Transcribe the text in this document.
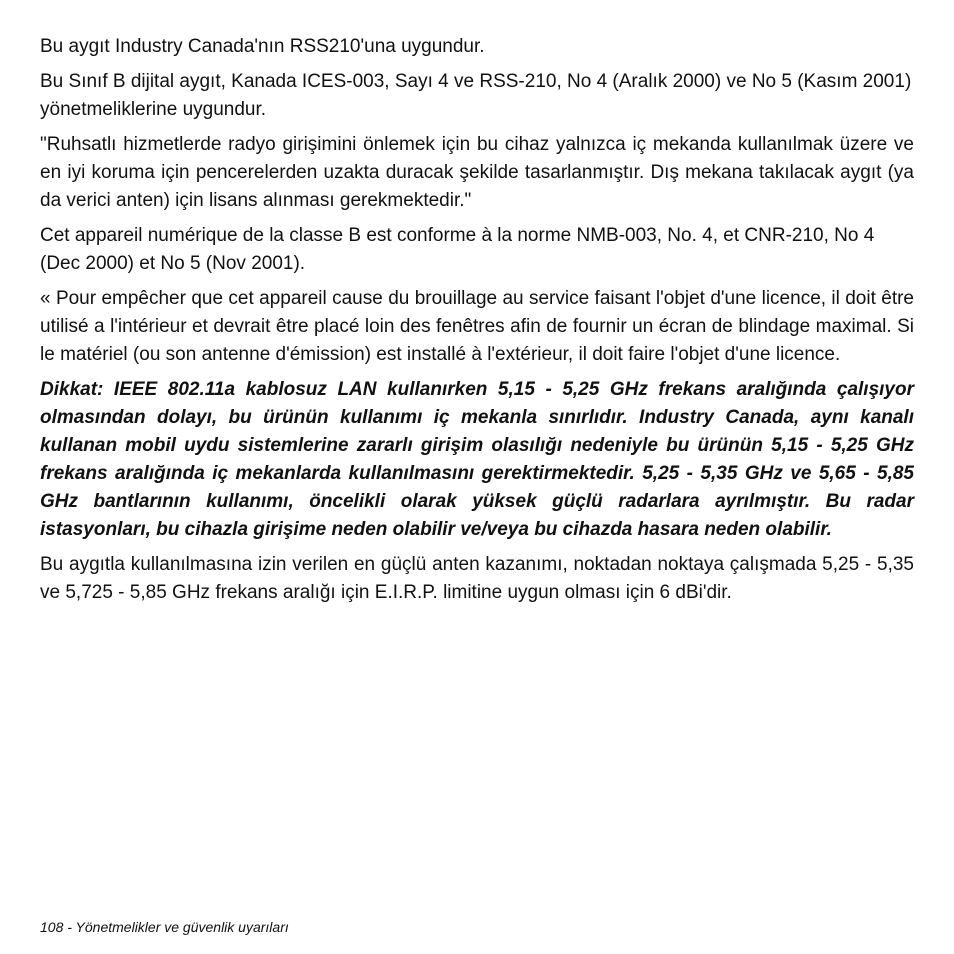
Bu aygıt Industry Canada'nın RSS210'una uygundur.

Bu Sınıf B dijital aygıt, Kanada ICES-003, Sayı 4 ve RSS-210, No 4 (Aralık 2000) ve No 5 (Kasım 2001) yönetmeliklerine uygundur.

"Ruhsatlı hizmetlerde radyo girişimini önlemek için bu cihaz yalnızca iç mekanda kullanılmak üzere ve en iyi koruma için pencerelerden uzakta duracak şekilde tasarlanmıştır. Dış mekana takılacak aygıt (ya da verici anten) için lisans alınması gerekmektedir."

Cet appareil numérique de la classe B est conforme à la norme NMB-003, No. 4, et CNR-210, No 4 (Dec 2000) et No 5 (Nov 2001).

« Pour empêcher que cet appareil cause du brouillage au service faisant l'objet d'une licence, il doit être utilisé a l'intérieur et devrait être placé loin des fenêtres afin de fournir un écran de blindage maximal. Si le matériel (ou son antenne d'émission) est installé à l'extérieur, il doit faire l'objet d'une licence.

Dikkat: IEEE 802.11a kablosuz LAN kullanırken 5,15 - 5,25 GHz frekans aralığında çalışıyor olmasından dolayı, bu ürünün kullanımı iç mekanla sınırlıdır. Industry Canada, aynı kanalı kullanan mobil uydu sistemlerine zararlı girişim olasılığı nedeniyle bu ürünün 5,15 - 5,25 GHz frekans aralığında iç mekanlarda kullanılmasını gerektirmektedir. 5,25 - 5,35 GHz ve 5,65 - 5,85 GHz bantlarının kullanımı, öncelikli olarak yüksek güçlü radarlara ayrılmıştır. Bu radar istasyonları, bu cihazla girişime neden olabilir ve/veya bu cihazda hasara neden olabilir.

Bu aygıtla kullanılmasına izin verilen en güçlü anten kazanımı, noktadan noktaya çalışmada 5,25 - 5,35 ve 5,725 - 5,85 GHz frekans aralığı için E.I.R.P. limitine uygun olması için 6 dBi'dir.

108 - Yönetmelikler ve güvenlik uyarıları
